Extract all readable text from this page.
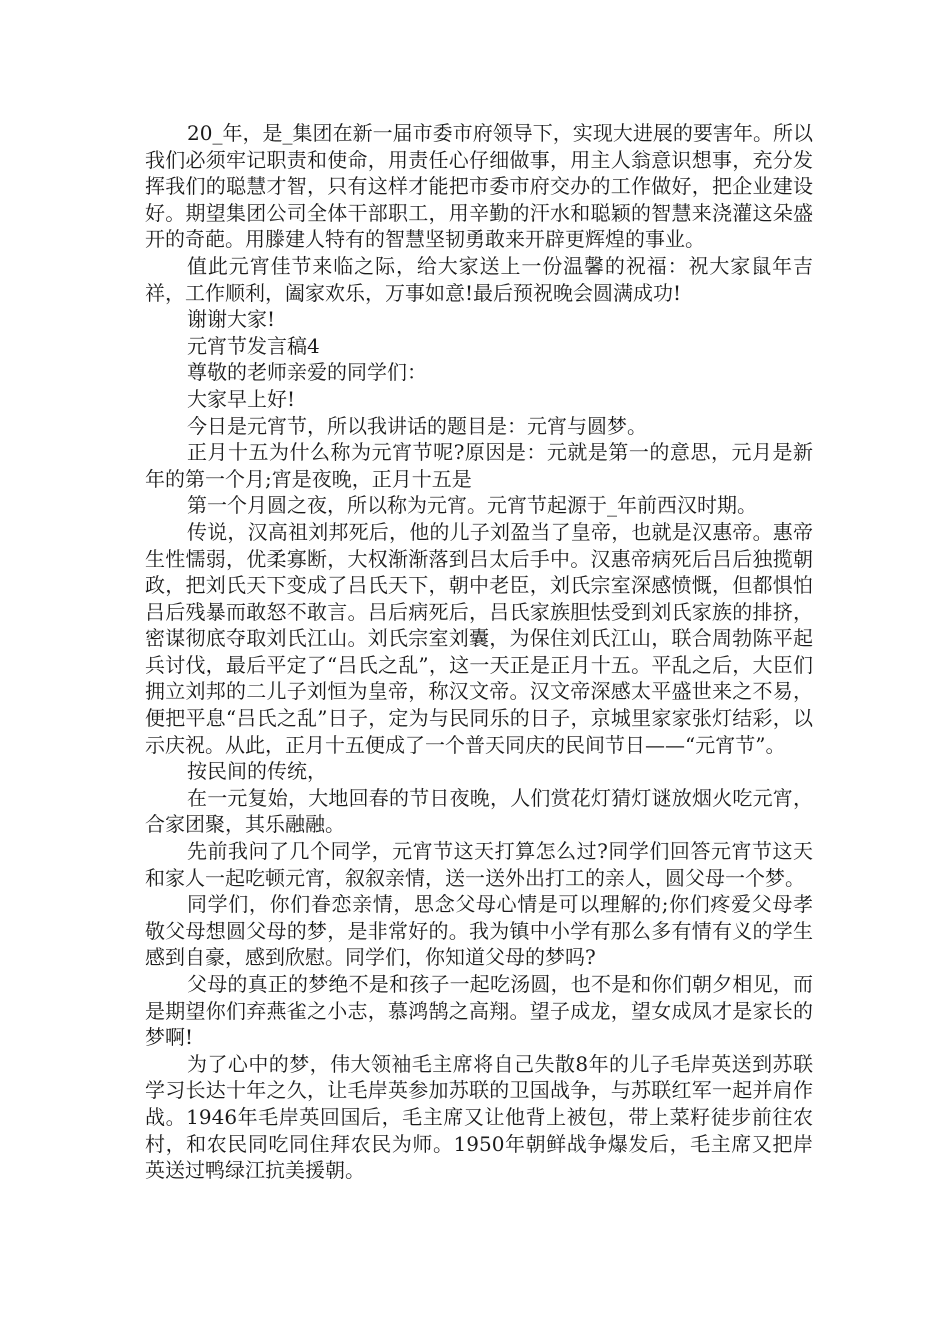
20_年，是_集团在新一届市委市府领导下，实现大进展的要害年。所以我们必须牢记职责和使命，用责任心仔细做事，用主人翁意识想事，充分发挥我们的聪慧才智，只有这样才能把市委市府交办的工作做好，把企业建设好。期望集团公司全体干部职工，用辛勤的汗水和聪颖的智慧来浇灌这朵盛开的奇葩。用滕建人特有的智慧坚韧勇敢来开辟更辉煌的事业。

值此元宵佳节来临之际，给大家送上一份温馨的祝福：祝大家鼠年吉祥，工作顺利，阖家欢乐，万事如意!最后预祝晚会圆满成功!

谢谢大家!

元宵节发言稿4

尊敬的老师亲爱的同学们：

大家早上好!

今日是元宵节，所以我讲话的题目是：元宵与圆梦。

正月十五为什么称为元宵节呢?原因是：元就是第一的意思，元月是新年的第一个月;宵是夜晚，正月十五是

第一个月圆之夜，所以称为元宵。元宵节起源于_年前西汉时期。

传说，汉高祖刘邦死后，他的儿子刘盈当了皇帝，也就是汉惠帝。惠帝生性懦弱，优柔寡断，大权渐渐落到吕太后手中。汉惠帝病死后吕后独揽朝政，把刘氏天下变成了吕氏天下，朝中老臣，刘氏宗室深感愤慨，但都惧怕吕后残暴而敢怒不敢言。吕后病死后，吕氏家族胆怯受到刘氏家族的排挤，密谋彻底夺取刘氏江山。刘氏宗室刘囊，为保住刘氏江山，联合周勃陈平起兵讨伐，最后平定了“吕氏之乱”，这一天正是正月十五。平乱之后，大臣们拥立刘邦的二儿子刘恒为皇帝，称汉文帝。汉文帝深感太平盛世来之不易，便把平息“吕氏之乱”日子，定为与民同乐的日子，京城里家家张灯结彩，以示庆祝。从此，正月十五便成了一个普天同庆的民间节日——“元宵节”。

按民间的传统，

在一元复始，大地回春的节日夜晚，人们赏花灯猜灯谜放烟火吃元宵，合家团聚，其乐融融。

先前我问了几个同学，元宵节这天打算怎么过?同学们回答元宵节这天和家人一起吃顿元宵，叙叙亲情，送一送外出打工的亲人，圆父母一个梦。

同学们，你们眷恋亲情，思念父母心情是可以理解的;你们疼爱父母孝敬父母想圆父母的梦，是非常好的。我为镇中小学有那么多有情有义的学生感到自豪，感到欣慰。同学们，你知道父母的梦吗?

父母的真正的梦绝不是和孩子一起吃汤圆，也不是和你们朝夕相见，而是期望你们弃燕雀之小志，慕鸿鹄之高翔。望子成龙，望女成凤才是家长的梦啊!

为了心中的梦，伟大领袖毛主席将自己失散8年的儿子毛岸英送到苏联学习长达十年之久，让毛岸英参加苏联的卫国战争，与苏联红军一起并肩作战。1946年毛岸英回国后，毛主席又让他背上被包，带上菜籽徒步前往农村，和农民同吃同住拜农民为师。1950年朝鲜战争爆发后，毛主席又把岸英送过鸭绿江抗美援朝。
